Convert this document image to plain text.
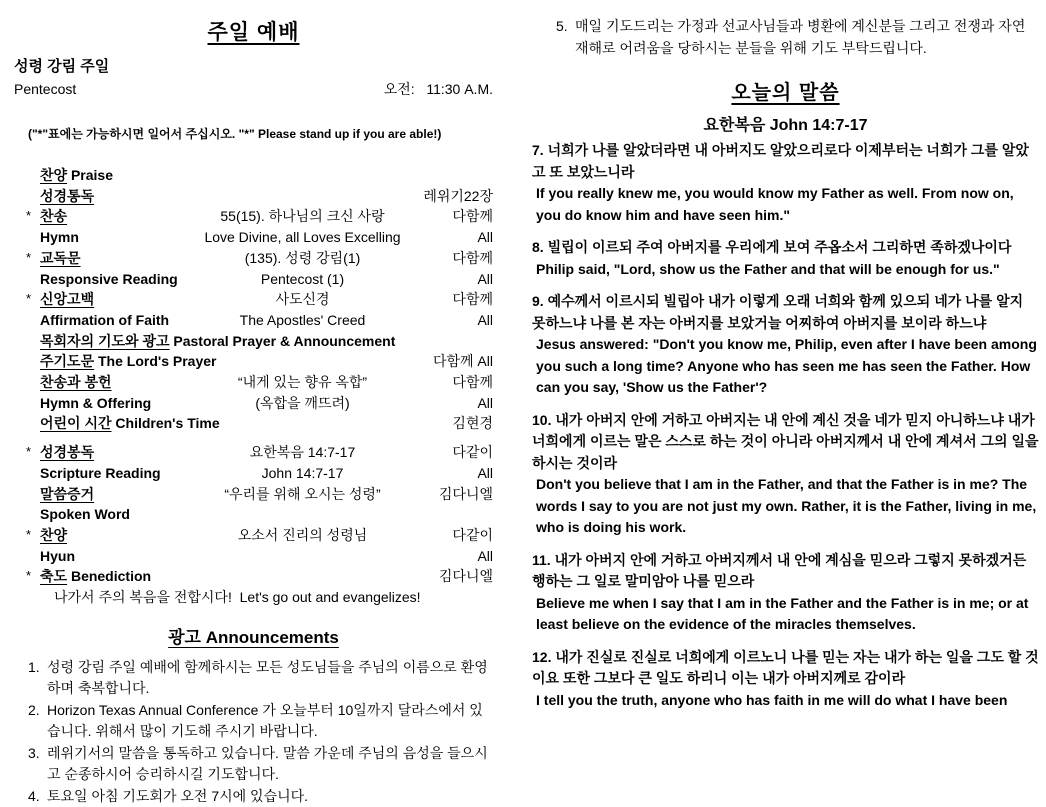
주일 예배
성령 강림 주일
Pentecost	오전:   11:30 A.M.
("*"표에는 가능하시면 일어서 주십시오. "*" Please stand up if you are able!)
찬양 Praise
성경통독	레위기22장
* 찬송	55(15). 하나님의 크신 사랑	다함께
Hymn	Love Divine, all Loves Excelling	All
* 교독문	(135). 성령 강림(1)	다함께
Responsive Reading	Pentecost (1)	All
* 신앙고백	사도신경	다함께
Affirmation of Faith	The Apostles' Creed	All
목회자의 기도와 광고 Pastoral Prayer & Announcement
주기도문 The Lord's Prayer	다함께 All
찬송과 봉헌	“내게 있는 향유 옥합”	다함께
Hymn & Offering	(옥합을 깨뜨려)	All
어린이 시간 Children's Time	김현경
* 성경봉독	요한복음 14:7-17	다같이
Scripture Reading	John 14:7-17	All
말씀증거	“우리를 위해 오시는 성령”	김다니엘
Spoken Word
* 찬양	오소서 진리의 성령님	다같이
Hyun	All
* 축도 Benediction	김다니엘
나가서 주의 복음을 전합시다!  Let's go out and evangelizes!
광고 Announcements
1. 성령 강림 주일 예배에 함께하시는 모든 성도님들을 주님의 이름으로 환영하며 축복합니다.
2. Horizon Texas Annual Conference 가 오늘부터 10일까지 달라스에서 있습니다. 위해서 많이 기도해 주시기 바랍니다.
3. 레위기서의 말씀을 통독하고 있습니다. 말씀 가운데 주님의 음성을 들으시고 순종하시어 승리하시길 기도합니다.
4. 토요일 아침 기도회가 오전 7시에 있습니다.
5. 매일 기도드리는 가정과 선교사님들과 병환에 계신분들 그리고 전쟁과 자연재해로 어려움을 당하시는 분들을 위해 기도 부탁드립니다.
오늘의 말씀
요한복음 John 14:7-17
7. 너희가 나를 알았더라면 내 아버지도 알았으리로다 이제부터는 너희가 그를 알았고 또 보았느니라
If you really knew me, you would know my Father as well. From now on, you do know him and have seen him."
8. 빌립이 이르되 주여 아버지를 우리에게 보여 주옵소서 그리하면 족하겠나이다
Philip said, "Lord, show us the Father and that will be enough for us."
9. 예수께서 이르시되 빌립아 내가 이렇게 오래 너희와 함께 있으되 네가 나를 알지 못하느냐 나를 본 자는 아버지를 보았거늘 어찌하여 아버지를 보이라 하느냐
Jesus answered: "Don't you know me, Philip, even after I have been among you such a long time? Anyone who has seen me has seen the Father. How can you say, 'Show us the Father'?
10. 내가 아버지 안에 거하고 아버지는 내 안에 계신 것을 네가 믿지 아니하느냐 내가 너희에게 이르는 말은 스스로 하는 것이 아니라 아버지께서 내 안에 계셔서 그의 일을 하시는 것이라
Don't you believe that I am in the Father, and that the Father is in me? The words I say to you are not just my own. Rather, it is the Father, living in me, who is doing his work.
11. 내가 아버지 안에 거하고 아버지께서 내 안에 계심을 믿으라 그렇지 못하겠거든 행하는 그 일로 말미암아 나를 믿으라
Believe me when I say that I am in the Father and the Father is in me; or at least believe on the evidence of the miracles themselves.
12. 내가 진실로 진실로 너희에게 이르노니 나를 믿는 자는 내가 하는 일을 그도 할 것이요 또한 그보다 큰 일도 하리니 이는 내가 아버지께로 감이라
I tell you the truth, anyone who has faith in me will do what I have been
